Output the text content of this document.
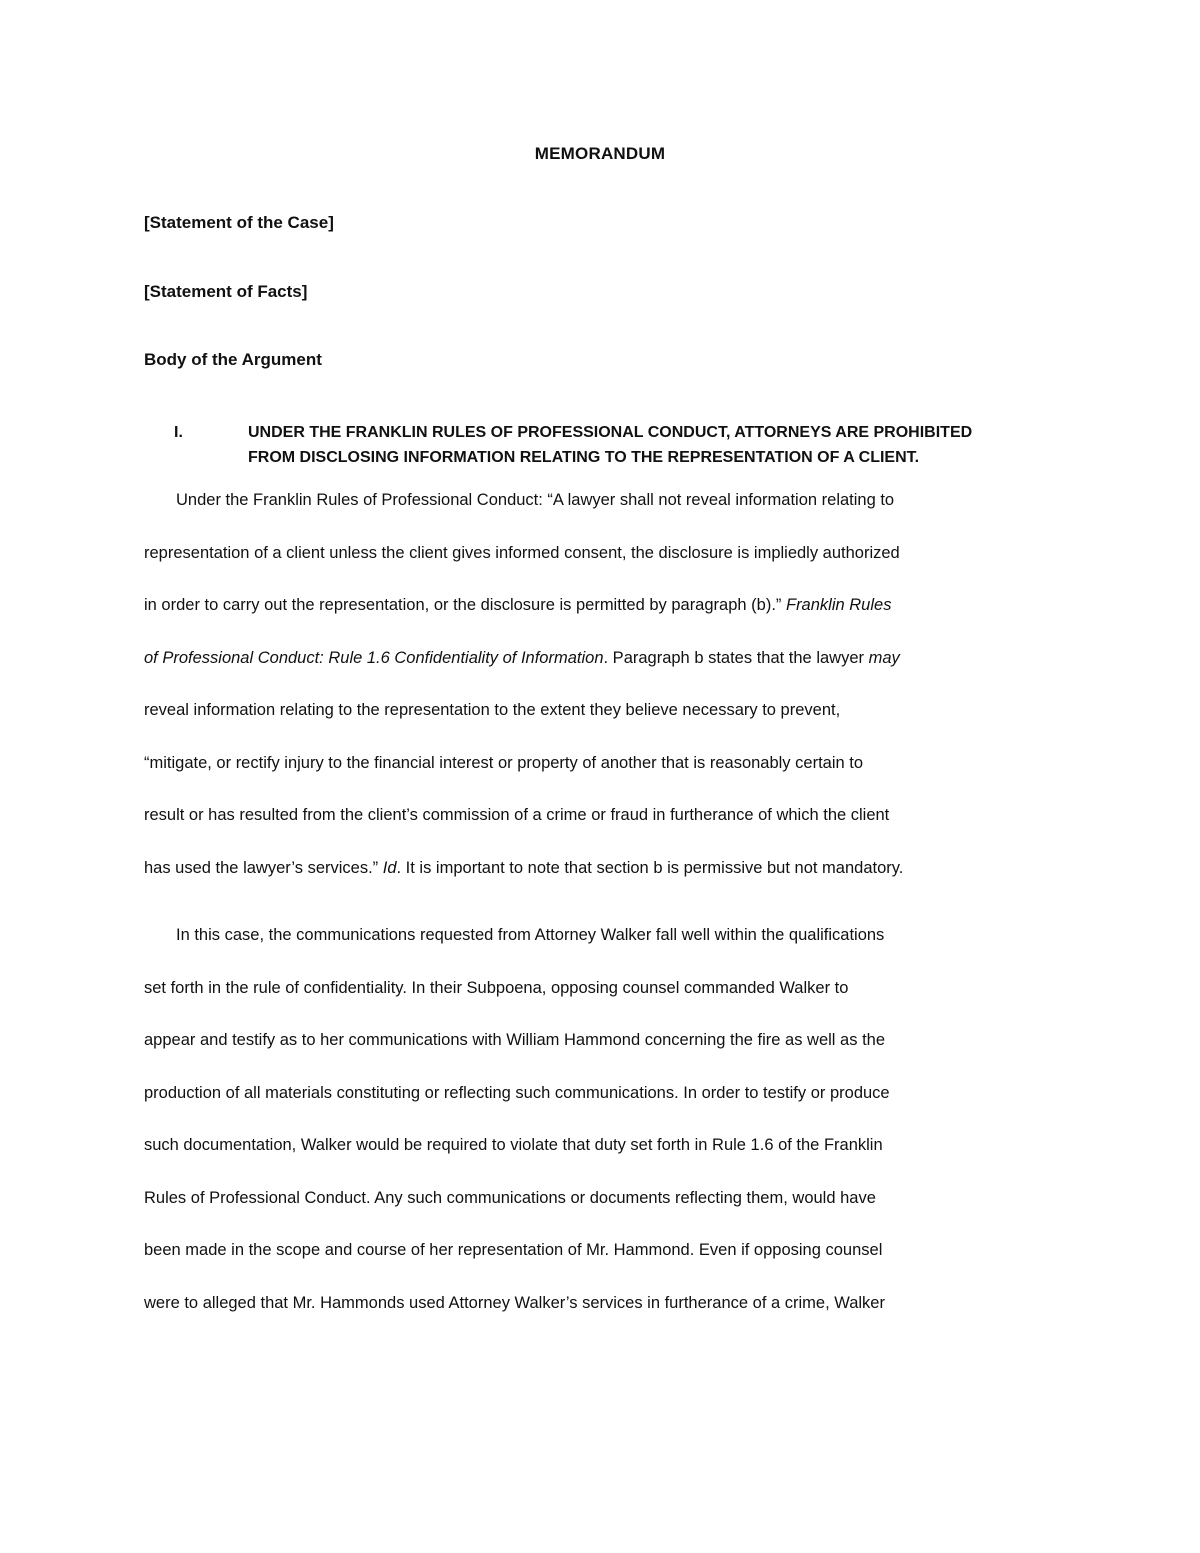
MEMORANDUM
[Statement of the Case]
[Statement of Facts]
Body of the Argument
I.	UNDER THE FRANKLIN RULES OF PROFESSIONAL CONDUCT, ATTORNEYS ARE PROHIBITED
FROM DISCLOSING INFORMATION RELATING TO THE REPRESENTATION OF A CLIENT.
Under the Franklin Rules of Professional Conduct: “A lawyer shall not reveal information relating to
representation of a client unless the client gives informed consent, the disclosure is impliedly authorized
in order to carry out the representation, or the disclosure is permitted by paragraph (b).” Franklin Rules
of Professional Conduct: Rule 1.6 Confidentiality of Information. Paragraph b states that the lawyer may
reveal information relating to the representation to the extent they believe necessary to prevent,
“mitigate, or rectify injury to the financial interest or property of another that is reasonably certain to
result or has resulted from the client’s commission of a crime or fraud in furtherance of which the client
has used the lawyer’s services.” Id. It is important to note that section b is permissive but not mandatory.
In this case, the communications requested from Attorney Walker fall well within the qualifications
set forth in the rule of confidentiality. In their Subpoena, opposing counsel commanded Walker to
appear and testify as to her communications with William Hammond concerning the fire as well as the
production of all materials constituting or reflecting such communications. In order to testify or produce
such documentation, Walker would be required to violate that duty set forth in Rule 1.6 of the Franklin
Rules of Professional Conduct. Any such communications or documents reflecting them, would have
been made in the scope and course of her representation of Mr. Hammond. Even if opposing counsel
were to alleged that Mr. Hammonds used Attorney Walker’s services in furtherance of a crime, Walker
